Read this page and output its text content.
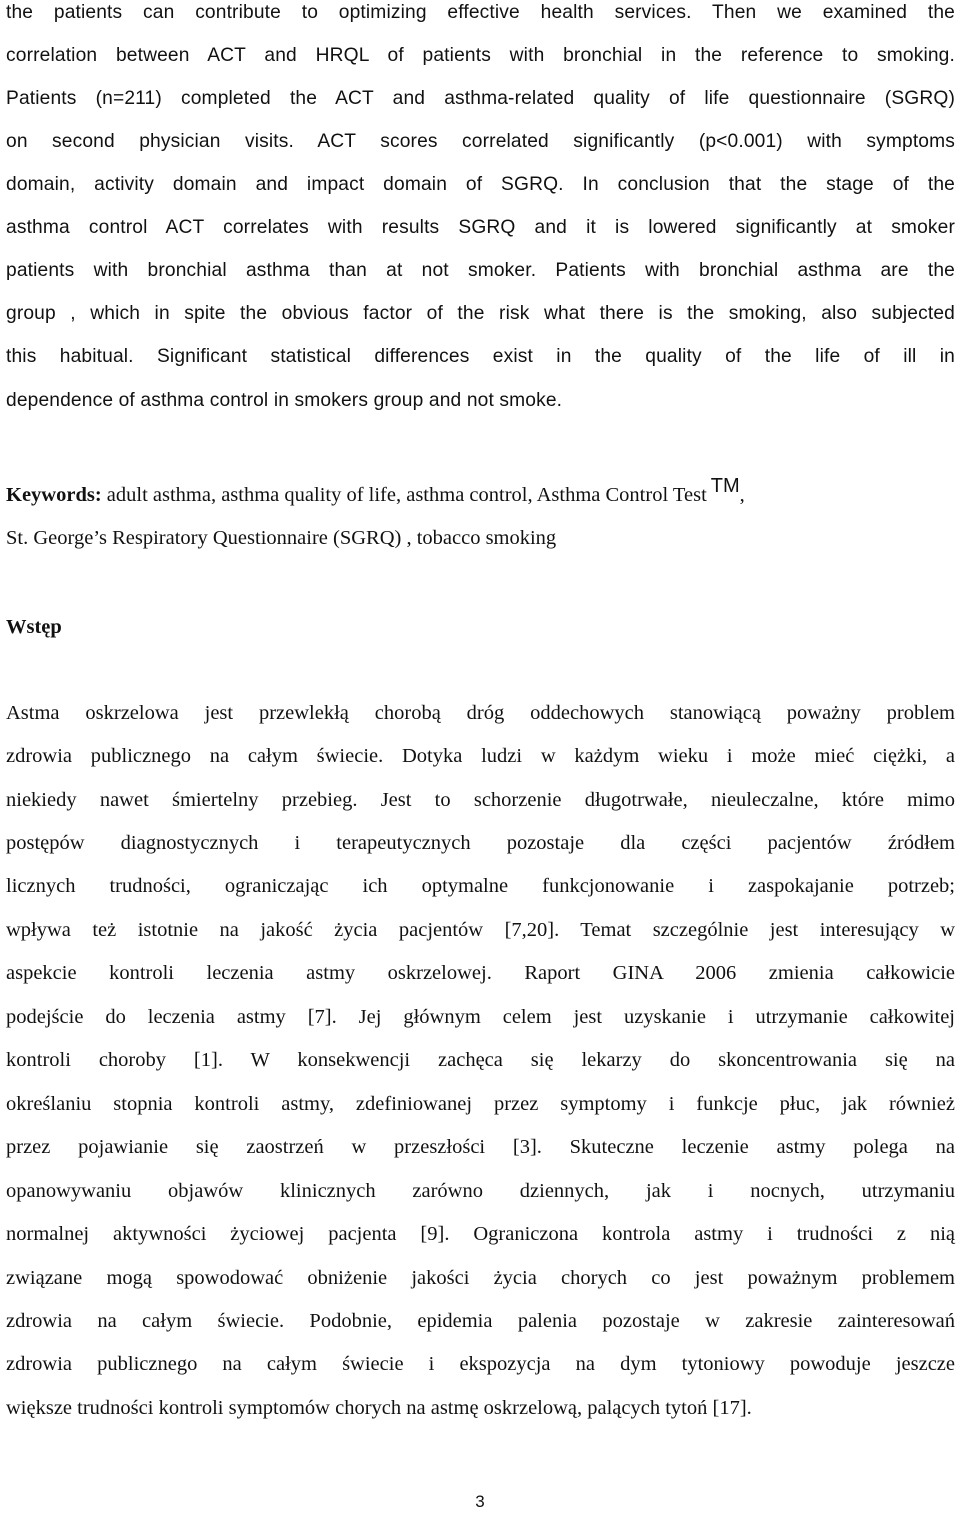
the patients can contribute to optimizing effective health services. Then we examined the
correlation between ACT and HRQL of patients with bronchial in the reference to smoking.
Patients (n=211) completed the ACT and asthma-related quality of life questionnaire (SGRQ)
on second physician visits. ACT scores correlated significantly (p<0.001) with symptoms
domain, activity domain and impact domain of SGRQ. In conclusion that the stage of the
asthma control ACT correlates with results SGRQ and it is lowered significantly at smoker
patients with bronchial asthma than at not smoker. Patients with bronchial asthma are the
group , which in spite the obvious factor of the risk what there is the smoking, also subjected
this habitual. Significant statistical differences exist in the quality of the life of ill in
dependence of asthma control in smokers group and not smoke.
Keywords: adult asthma, asthma quality of life, asthma control, Asthma Control Test TM,
St. George’s Respiratory Questionnaire (SGRQ) , tobacco smoking
Wstęp
Astma oskrzelowa jest przewlekłą chorobą dróg oddechowych stanowiącą poważny problem
zdrowia publicznego na całym świecie. Dotyka ludzi w każdym wieku i może mieć ciężki, a
niekiedy nawet śmiertelny przebieg. Jest to schorzenie długotrwałe, nieuleczalne, które mimo
postępów diagnostycznych i terapeutycznych pozostaje dla części pacjentów źródłem
licznych trudności, ograniczając ich optymalne funkcjonowanie i zaspokajanie potrzeb;
wpływa też istotnie na jakość życia pacjentów [7,20]. Temat szczególnie jest interesujący w
aspekcie kontroli leczenia astmy oskrzelowej. Raport GINA 2006 zmienia całkowicie
podejście do leczenia astmy [7]. Jej głównym celem jest uzyskanie i utrzymanie całkowitej
kontroli choroby [1]. W konsekwencji zachęca się lekarzy do skoncentrowania się na
określaniu stopnia kontroli astmy, zdefiniowanej przez symptomy i funkcje płuc, jak również
przez pojawianie się zaostrzeń w przeszłości [3]. Skuteczne leczenie astmy polega na
opanowywaniu objawów klinicznych zarówno dziennych, jak i nocnych, utrzymaniu
normalnej aktywności życiowej pacjenta [9]. Ograniczona kontrola astmy i trudności z nią
związane mogą spowodować obniżenie jakości życia chorych co jest poważnym problemem
zdrowia na całym świecie. Podobnie, epidemia palenia pozostaje w zakresie zainteresowań
zdrowia publicznego na całym świecie i ekspozycja na dym tytoniowy powoduje jeszcze
większe trudności kontroli symptomów chorych na astmę oskrzelową, palących tytoń [17].
3
